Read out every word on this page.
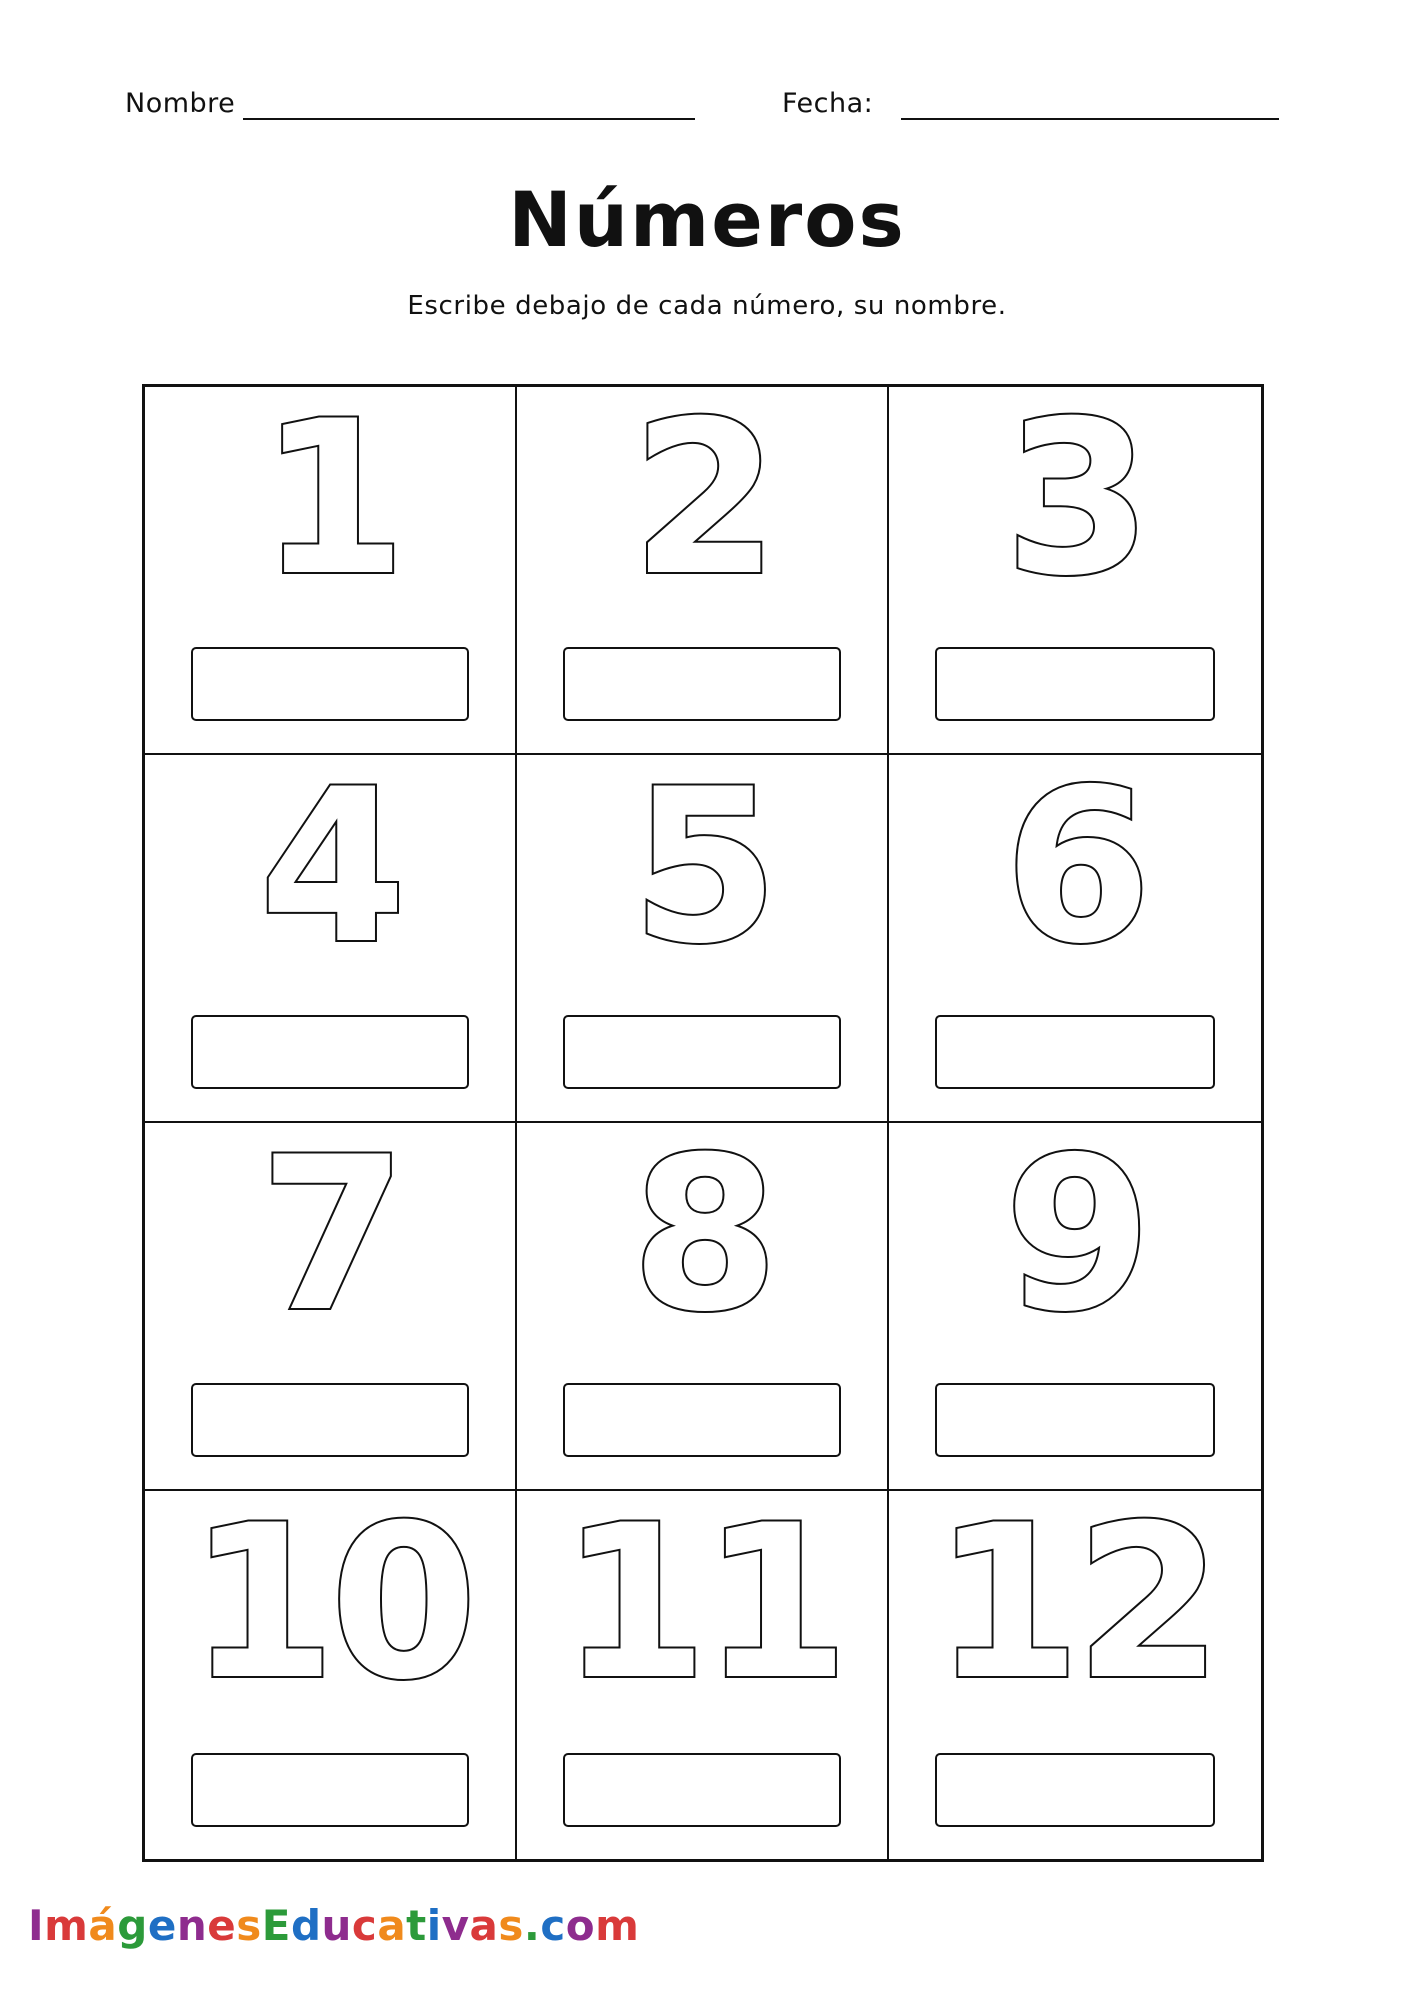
Nombre	Fecha:
Números
Escribe debajo de cada número, su nombre.
1	2	3
4	5	6
7	8	9
10 11 12
ImágenesEducativas.com
